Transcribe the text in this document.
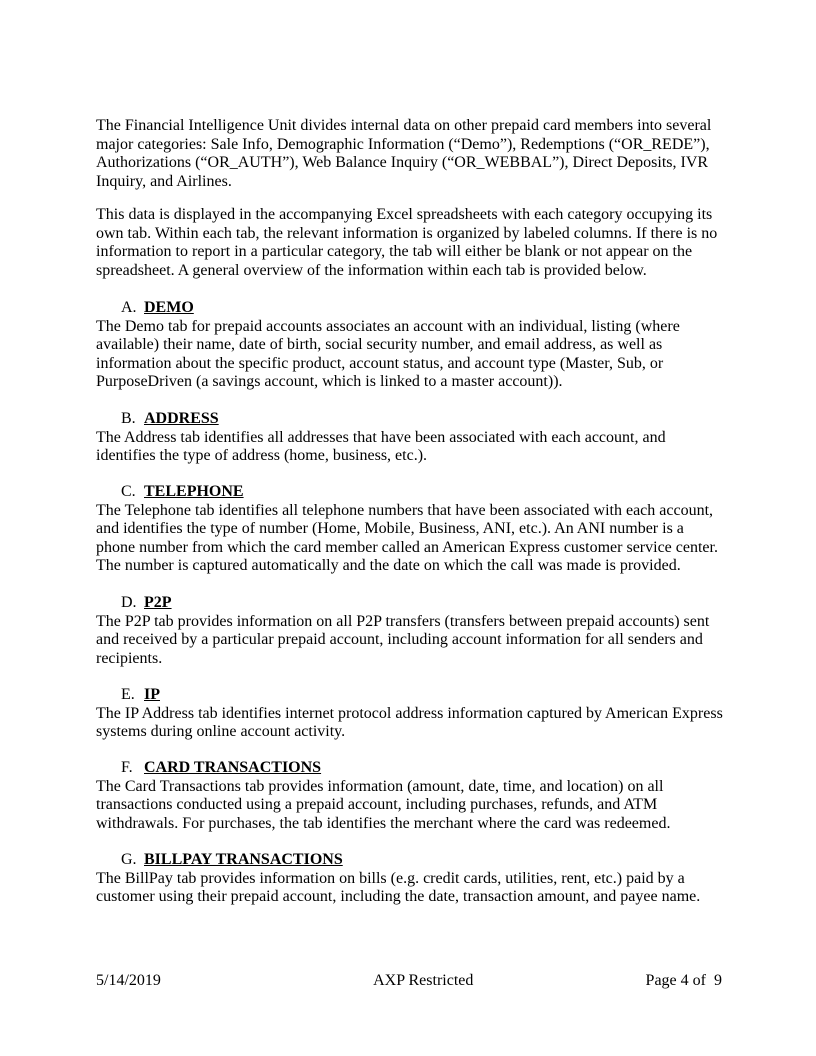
The Financial Intelligence Unit divides internal data on other prepaid card members into several major categories: Sale Info, Demographic Information (“Demo”), Redemptions (“OR_REDE”), Authorizations (“OR_AUTH”), Web Balance Inquiry (“OR_WEBBAL”), Direct Deposits, IVR Inquiry, and Airlines.

This data is displayed in the accompanying Excel spreadsheets with each category occupying its own tab. Within each tab, the relevant information is organized by labeled columns. If there is no information to report in a particular category, the tab will either be blank or not appear on the spreadsheet. A general overview of the information within each tab is provided below.

A. DEMO

The Demo tab for prepaid accounts associates an account with an individual, listing (where available) their name, date of birth, social security number, and email address, as well as information about the specific product, account status, and account type (Master, Sub, or PurposeDriven (a savings account, which is linked to a master account)).

B. ADDRESS

The Address tab identifies all addresses that have been associated with each account, and identifies the type of address (home, business, etc.).

C. TELEPHONE

The Telephone tab identifies all telephone numbers that have been associated with each account, and identifies the type of number (Home, Mobile, Business, ANI, etc.). An ANI number is a phone number from which the card member called an American Express customer service center. The number is captured automatically and the date on which the call was made is provided.

D. P2P

The P2P tab provides information on all P2P transfers (transfers between prepaid accounts) sent and received by a particular prepaid account, including account information for all senders and recipients.

E. IP

The IP Address tab identifies internet protocol address information captured by American Express systems during online account activity.

F. CARD TRANSACTIONS

The Card Transactions tab provides information (amount, date, time, and location) on all transactions conducted using a prepaid account, including purchases, refunds, and ATM withdrawals. For purchases, the tab identifies the merchant where the card was redeemed.

G. BILLPAY TRANSACTIONS

The BillPay tab provides information on bills (e.g. credit cards, utilities, rent, etc.) paid by a customer using their prepaid account, including the date, transaction amount, and payee name.

5/14/2019	AXP Restricted	Page 4 of  9
